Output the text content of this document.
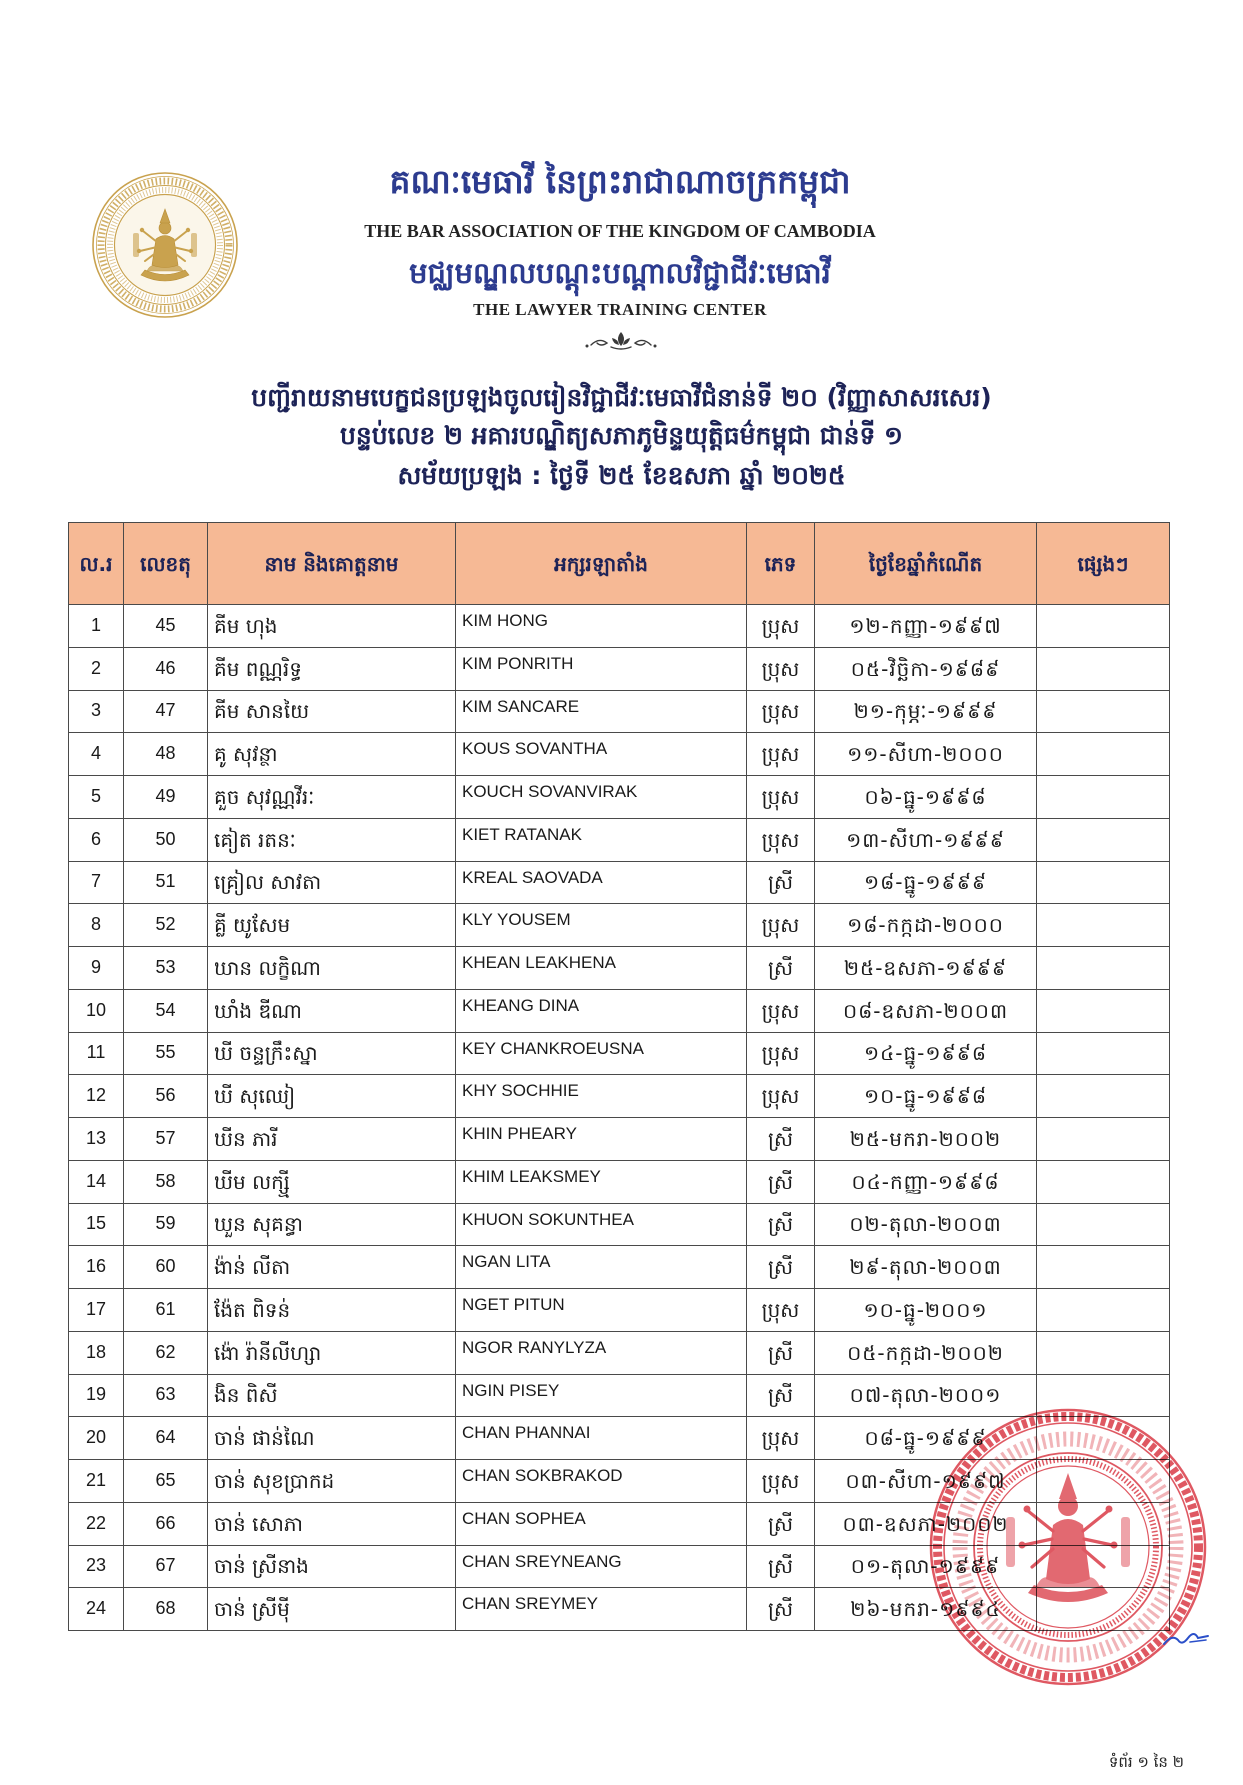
គណៈមេធាវី នៃព្រះរាជាណាចក្រកម្ពុជា
THE BAR ASSOCIATION OF THE KINGDOM OF CAMBODIA
មជ្ឈមណ្ឌលបណ្តុះបណ្តាលវិជ្ជាជីវៈមេធាវី
THE LAWYER TRAINING CENTER
បញ្ជីរាយនាមបេក្ខជនប្រឡងចូលរៀនវិជ្ជាជីវៈមេធាវីជំនាន់ទី ២០ (វិញ្ញាសាសរសេរ)
បន្ទប់លេខ ២ អគារបណ្ឌិត្យសភាភូមិន្ទយុត្តិធម៌កម្ពុជា ជាន់ទី ១
សម័យប្រឡង : ថ្ងៃទី ២៥ ខែឧសភា ឆ្នាំ ២០២៥
ល.រ	លេខតុ	នាម និងគោត្តនាម	អក្សរឡាតាំង	ភេទ	ថ្ងៃខែឆ្នាំកំណើត	ផ្សេងៗ
1	45	គីម ហុង	KIM HONG	ប្រុស	១២-កញ្ញា-១៩៩៧	
2	46	គីម ពណ្ណរិទ្ធ	KIM PONRITH	ប្រុស	០៥-វិច្ឆិកា-១៩៨៩	
3	47	គីម សានយៃ	KIM SANCARE	ប្រុស	២១-កុម្ភៈ-១៩៩៩	
4	48	គូ សុវន្ថា	KOUS SOVANTHA	ប្រុស	១១-សីហា-២០០០	
5	49	គួច សុវណ្ណវីរៈ	KOUCH SOVANVIRAK	ប្រុស	០៦-ធ្នូ-១៩៩៨	
6	50	គៀត រតនៈ	KIET RATANAK	ប្រុស	១៣-សីហា-១៩៩៩	
7	51	គ្រៀល សាវតា	KREAL SAOVADA	ស្រី	១៨-ធ្នូ-១៩៩៩	
8	52	គ្លី យូសែម	KLY YOUSEM	ប្រុស	១៨-កក្កដា-២០០០	
9	53	ឃាន លក្ខិណា	KHEAN LEAKHENA	ស្រី	២៥-ឧសភា-១៩៩៩	
10	54	ឃាំង ឌីណា	KHEANG DINA	ប្រុស	០៨-ឧសភា-២០០៣	
11	55	ឃី ចន្ទក្រឹះស្នា	KEY CHANKROEUSNA	ប្រុស	១៤-ធ្នូ-១៩៩៨	
12	56	ឃី សុឈៀ	KHY SOCHHIE	ប្រុស	១០-ធ្នូ-១៩៩៨	
13	57	ឃីន ភារី	KHIN PHEARY	ស្រី	២៥-មករា-២០០២	
14	58	ឃីម លក្ស្មី	KHIM LEAKSMEY	ស្រី	០៤-កញ្ញា-១៩៩៨	
15	59	ឃួន សុគន្ធា	KHUON SOKUNTHEA	ស្រី	០២-តុលា-២០០៣	
16	60	ង៉ាន់ លីតា	NGAN LITA	ស្រី	២៩-តុលា-២០០៣	
17	61	ង៉ែត ពិទន់	NGET PITUN	ប្រុស	១០-ធ្នូ-២០០១	
18	62	ង៉ោ រ៉ានីលីហ្សា	NGOR RANYLYZA	ស្រី	០៥-កក្កដា-២០០២	
19	63	ងិន ពិសី	NGIN PISEY	ស្រី	០៧-តុលា-២០០១	
20	64	ចាន់ ផាន់ណៃ	CHAN PHANNAI	ប្រុស	០៨-ធ្នូ-១៩៩៩	
21	65	ចាន់ សុខប្រាកដ	CHAN SOKBRAKOD	ប្រុស	០៣-សីហា-១៩៩៧	
22	66	ចាន់ សោភា	CHAN SOPHEA	ស្រី	០៣-ឧសភា-២០០២	
23	67	ចាន់ ស្រីនាង	CHAN SREYNEANG	ស្រី	០១-តុលា-១៩៩៩	
24	68	ចាន់ ស្រីម៉ី	CHAN SREYMEY	ស្រី	២៦-មករា-១៩៩៤	
ទំព័រ ១ នៃ ២
